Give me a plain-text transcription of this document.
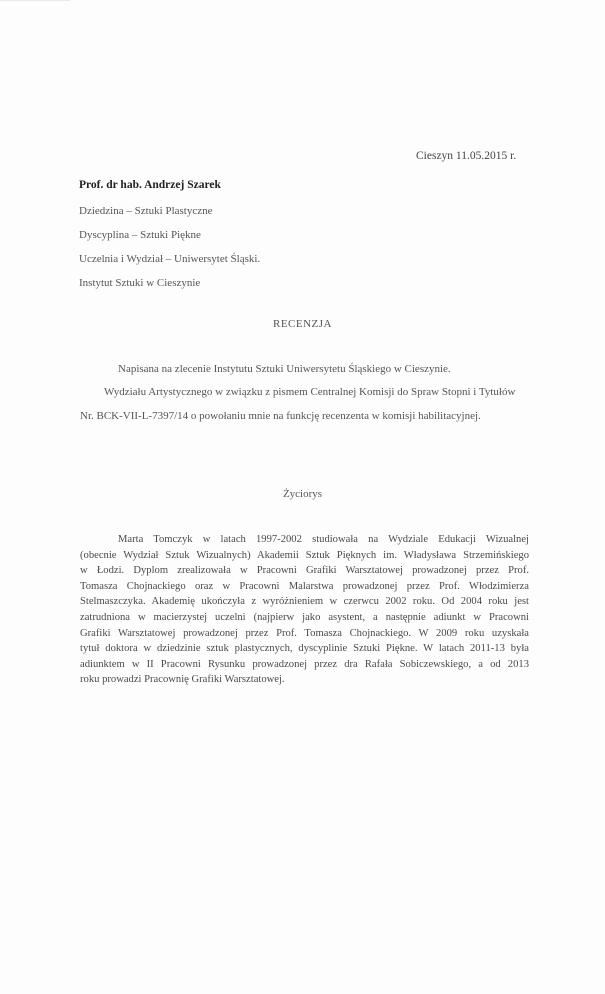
Cieszyn 11.05.2015 r.
Prof. dr hab. Andrzej Szarek
Dziedzina – Sztuki Plastyczne
Dyscyplina – Sztuki Piękne
Uczelnia i Wydział – Uniwersytet Śląski.
Instytut Sztuki w Cieszynie
RECENZJA
Napisana na zlecenie Instytutu Sztuki Uniwersytetu Śląskiego w Cieszynie.
Wydziału Artystycznego w związku z pismem Centralnej Komisji do Spraw Stopni i Tytułów
Nr. BCK-VII-L-7397/14 o powołaniu mnie na funkcję recenzenta w komisji habilitacyjnej.
Życiorys
Marta Tomczyk w latach 1997-2002 studiowała na Wydziale Edukacji Wizualnej
(obecnie Wydział Sztuk Wizualnych) Akademii Sztuk Pięknych im. Władysława Strzemińskiego
w Łodzi. Dyplom zrealizowała w Pracowni Grafiki Warsztatowej prowadzonej przez Prof.
Tomasza Chojnackiego oraz w Pracowni Malarstwa prowadzonej przez Prof. Włodzimierza
Stelmaszczyka. Akademię ukończyła z wyróżnieniem w czerwcu 2002 roku. Od 2004 roku jest
zatrudniona w macierzystej uczelni (najpierw jako asystent, a następnie adiunkt w Pracowni
Grafiki Warsztatowej prowadzonej przez Prof. Tomasza Chojnackiego. W 2009 roku uzyskała
tytuł doktora w dziedzinie sztuk plastycznych, dyscyplinie Sztuki Piękne. W latach 2011-13 była
adiunktem w II Pracowni Rysunku prowadzonej przez dra Rafała Sobiczewskiego, a od 2013
roku prowadzi Pracownię Grafiki Warsztatowej.
